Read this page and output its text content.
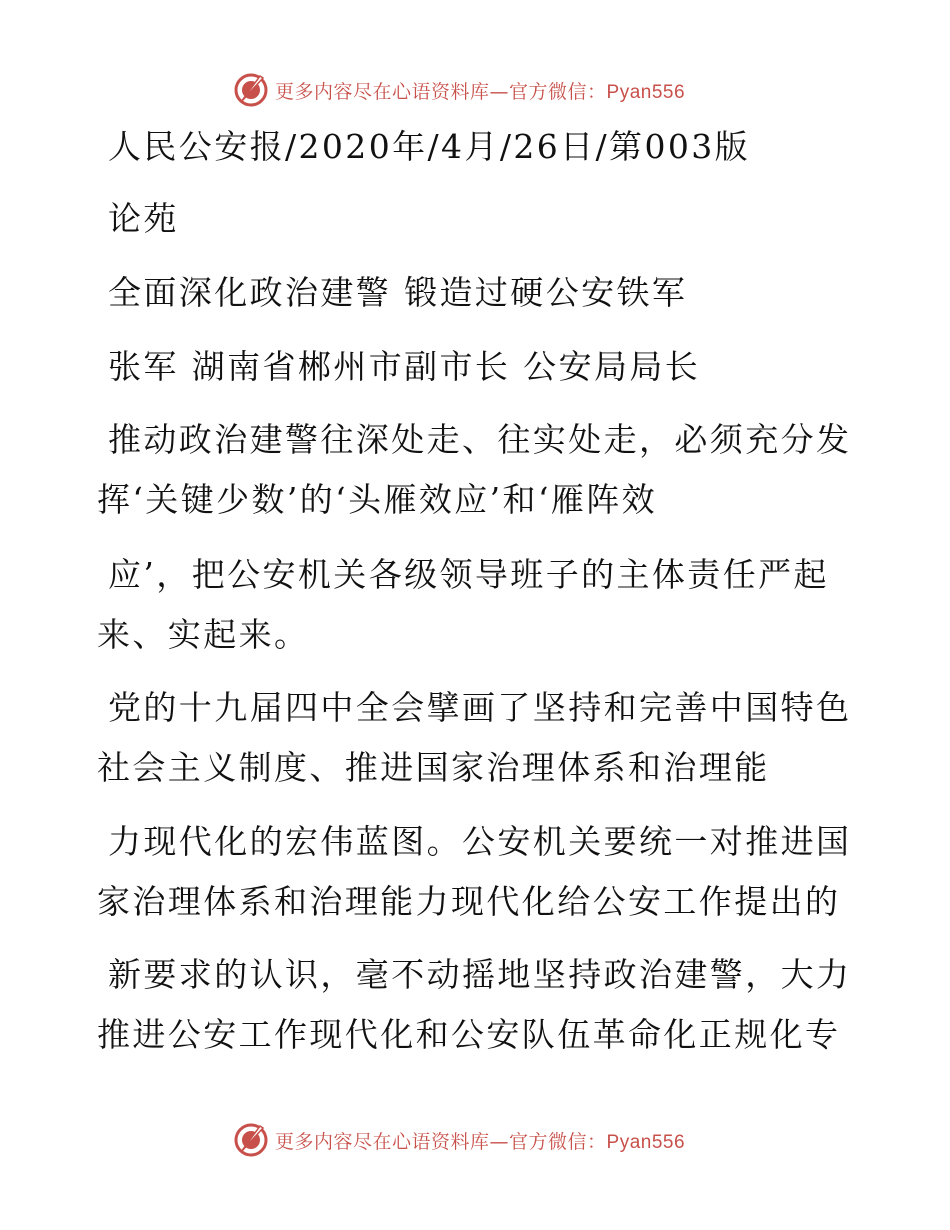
更多内容尽在心语资料库—官方微信：Pyan556
人民公安报/2020年/4月/26日/第003版
论苑
全面深化政治建警 锻造过硬公安铁军
张军 湖南省郴州市副市长 公安局局长
推动政治建警往深处走、往实处走，必须充分发
挥‘关键少数’的‘头雁效应’和‘雁阵效
应’，把公安机关各级领导班子的主体责任严起
来、实起来。
党的十九届四中全会擘画了坚持和完善中国特色
社会主义制度、推进国家治理体系和治理能
力现代化的宏伟蓝图。公安机关要统一对推进国
家治理体系和治理能力现代化给公安工作提出的
新要求的认识，毫不动摇地坚持政治建警，大力
推进公安工作现代化和公安队伍革命化正规化专
更多内容尽在心语资料库—官方微信：Pyan556
